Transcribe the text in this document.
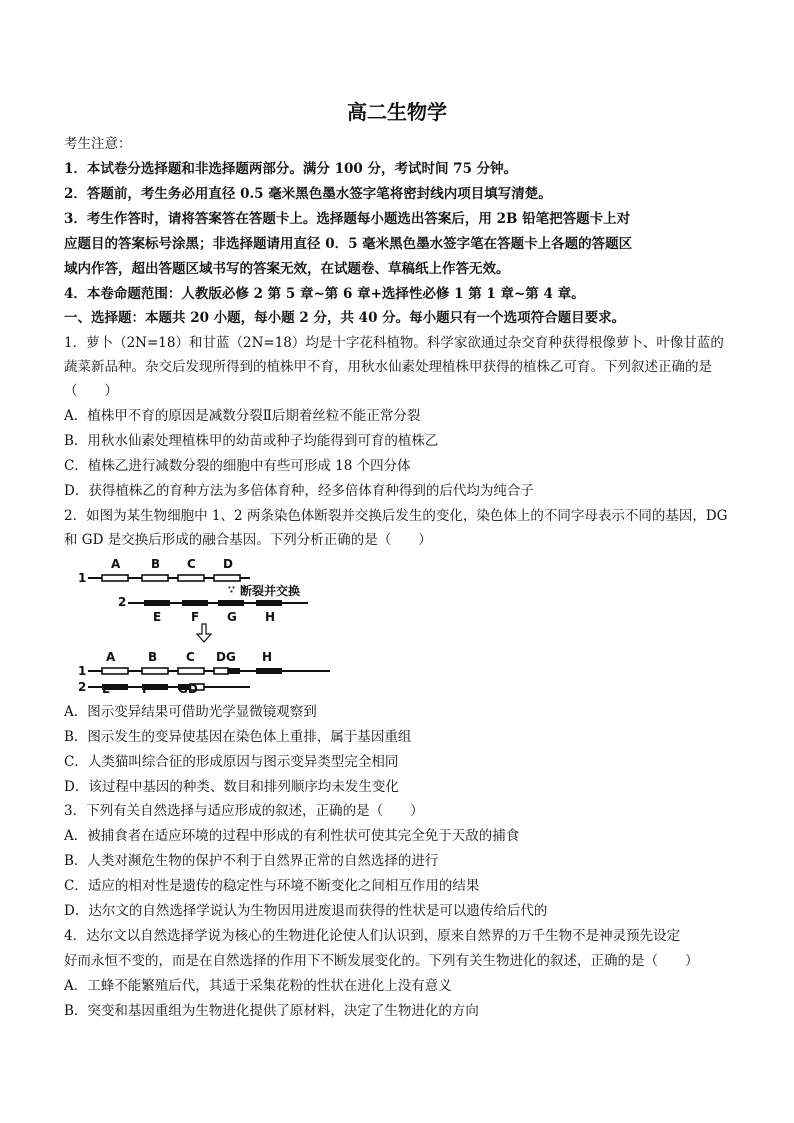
高二生物学
考生注意：
1．本试卷分选择题和非选择题两部分。满分 100 分，考试时间 75 分钟。
2．答题前，考生务必用直径 0.5 毫米黑色墨水签字笔将密封线内项目填写清楚。
3．考生作答时，请将答案答在答题卡上。选择题每小题选出答案后，用 2B 铅笔把答题卡上对
应题目的答案标号涂黑；非选择题请用直径 0．5 毫米黑色墨水签字笔在答题卡上各题的答题区
域内作答，超出答题区域书写的答案无效，在试题卷、草稿纸上作答无效。
4．本卷命题范围：人教版必修 2 第 5 章~第 6 章+选择性必修 1 第 1 章~第 4 章。
一、选择题：本题共 20 小题，每小题 2 分，共 40 分。每小题只有一个选项符合题目要求。
1．萝卜（2N=18）和甘蓝（2N=18）均是十字花科植物。科学家欲通过杂交育种获得根像萝卜、叶像甘蓝的
蔬菜新品种。杂交后发现所得到的植株甲不育，用秋水仙素处理植株甲获得的植株乙可育。下列叙述正确的是
（　　）
A．植株甲不育的原因是减数分裂Ⅱ后期着丝粒不能正常分裂
B．用秋水仙素处理植株甲的幼苗或种子均能得到可育的植株乙
C．植株乙进行减数分裂的细胞中有些可形成 18 个四分体
D．获得植株乙的育种方法为多倍体育种，经多倍体育种得到的后代均为纯合子
2．如图为某生物细胞中 1、2 两条染色体断裂并交换后发生的变化，染色体上的不同字母表示不同的基因，DG
和 GD 是交换后形成的融合基因。下列分析正确的是（　　）
1
A	B C D
∵ 断裂并交换
2
E F G H
A	B C DG H
1
2 E	F GD
A．图示变异结果可借助光学显微镜观察到
B．图示发生的变异使基因在染色体上重排，属于基因重组
C．人类猫叫综合征的形成原因与图示变异类型完全相同
D．该过程中基因的种类、数目和排列顺序均未发生变化
3．下列有关自然选择与适应形成的叙述，正确的是（　　）
A．被捕食者在适应环境的过程中形成的有利性状可使其完全免于天敌的捕食
B．人类对濒危生物的保护不利于自然界正常的自然选择的进行
C．适应的相对性是遗传的稳定性与环境不断变化之间相互作用的结果
D．达尔文的自然选择学说认为生物因用进废退而获得的性状是可以遗传给后代的
4．达尔文以自然选择学说为核心的生物进化论使人们认识到，原来自然界的万千生物不是神灵预先设定
好而永恒不变的，而是在自然选择的作用下不断发展变化的。下列有关生物进化的叙述，正确的是（　　）
A．工蜂不能繁殖后代，其适于采集花粉的性状在进化上没有意义
B．突变和基因重组为生物进化提供了原材料，决定了生物进化的方向
